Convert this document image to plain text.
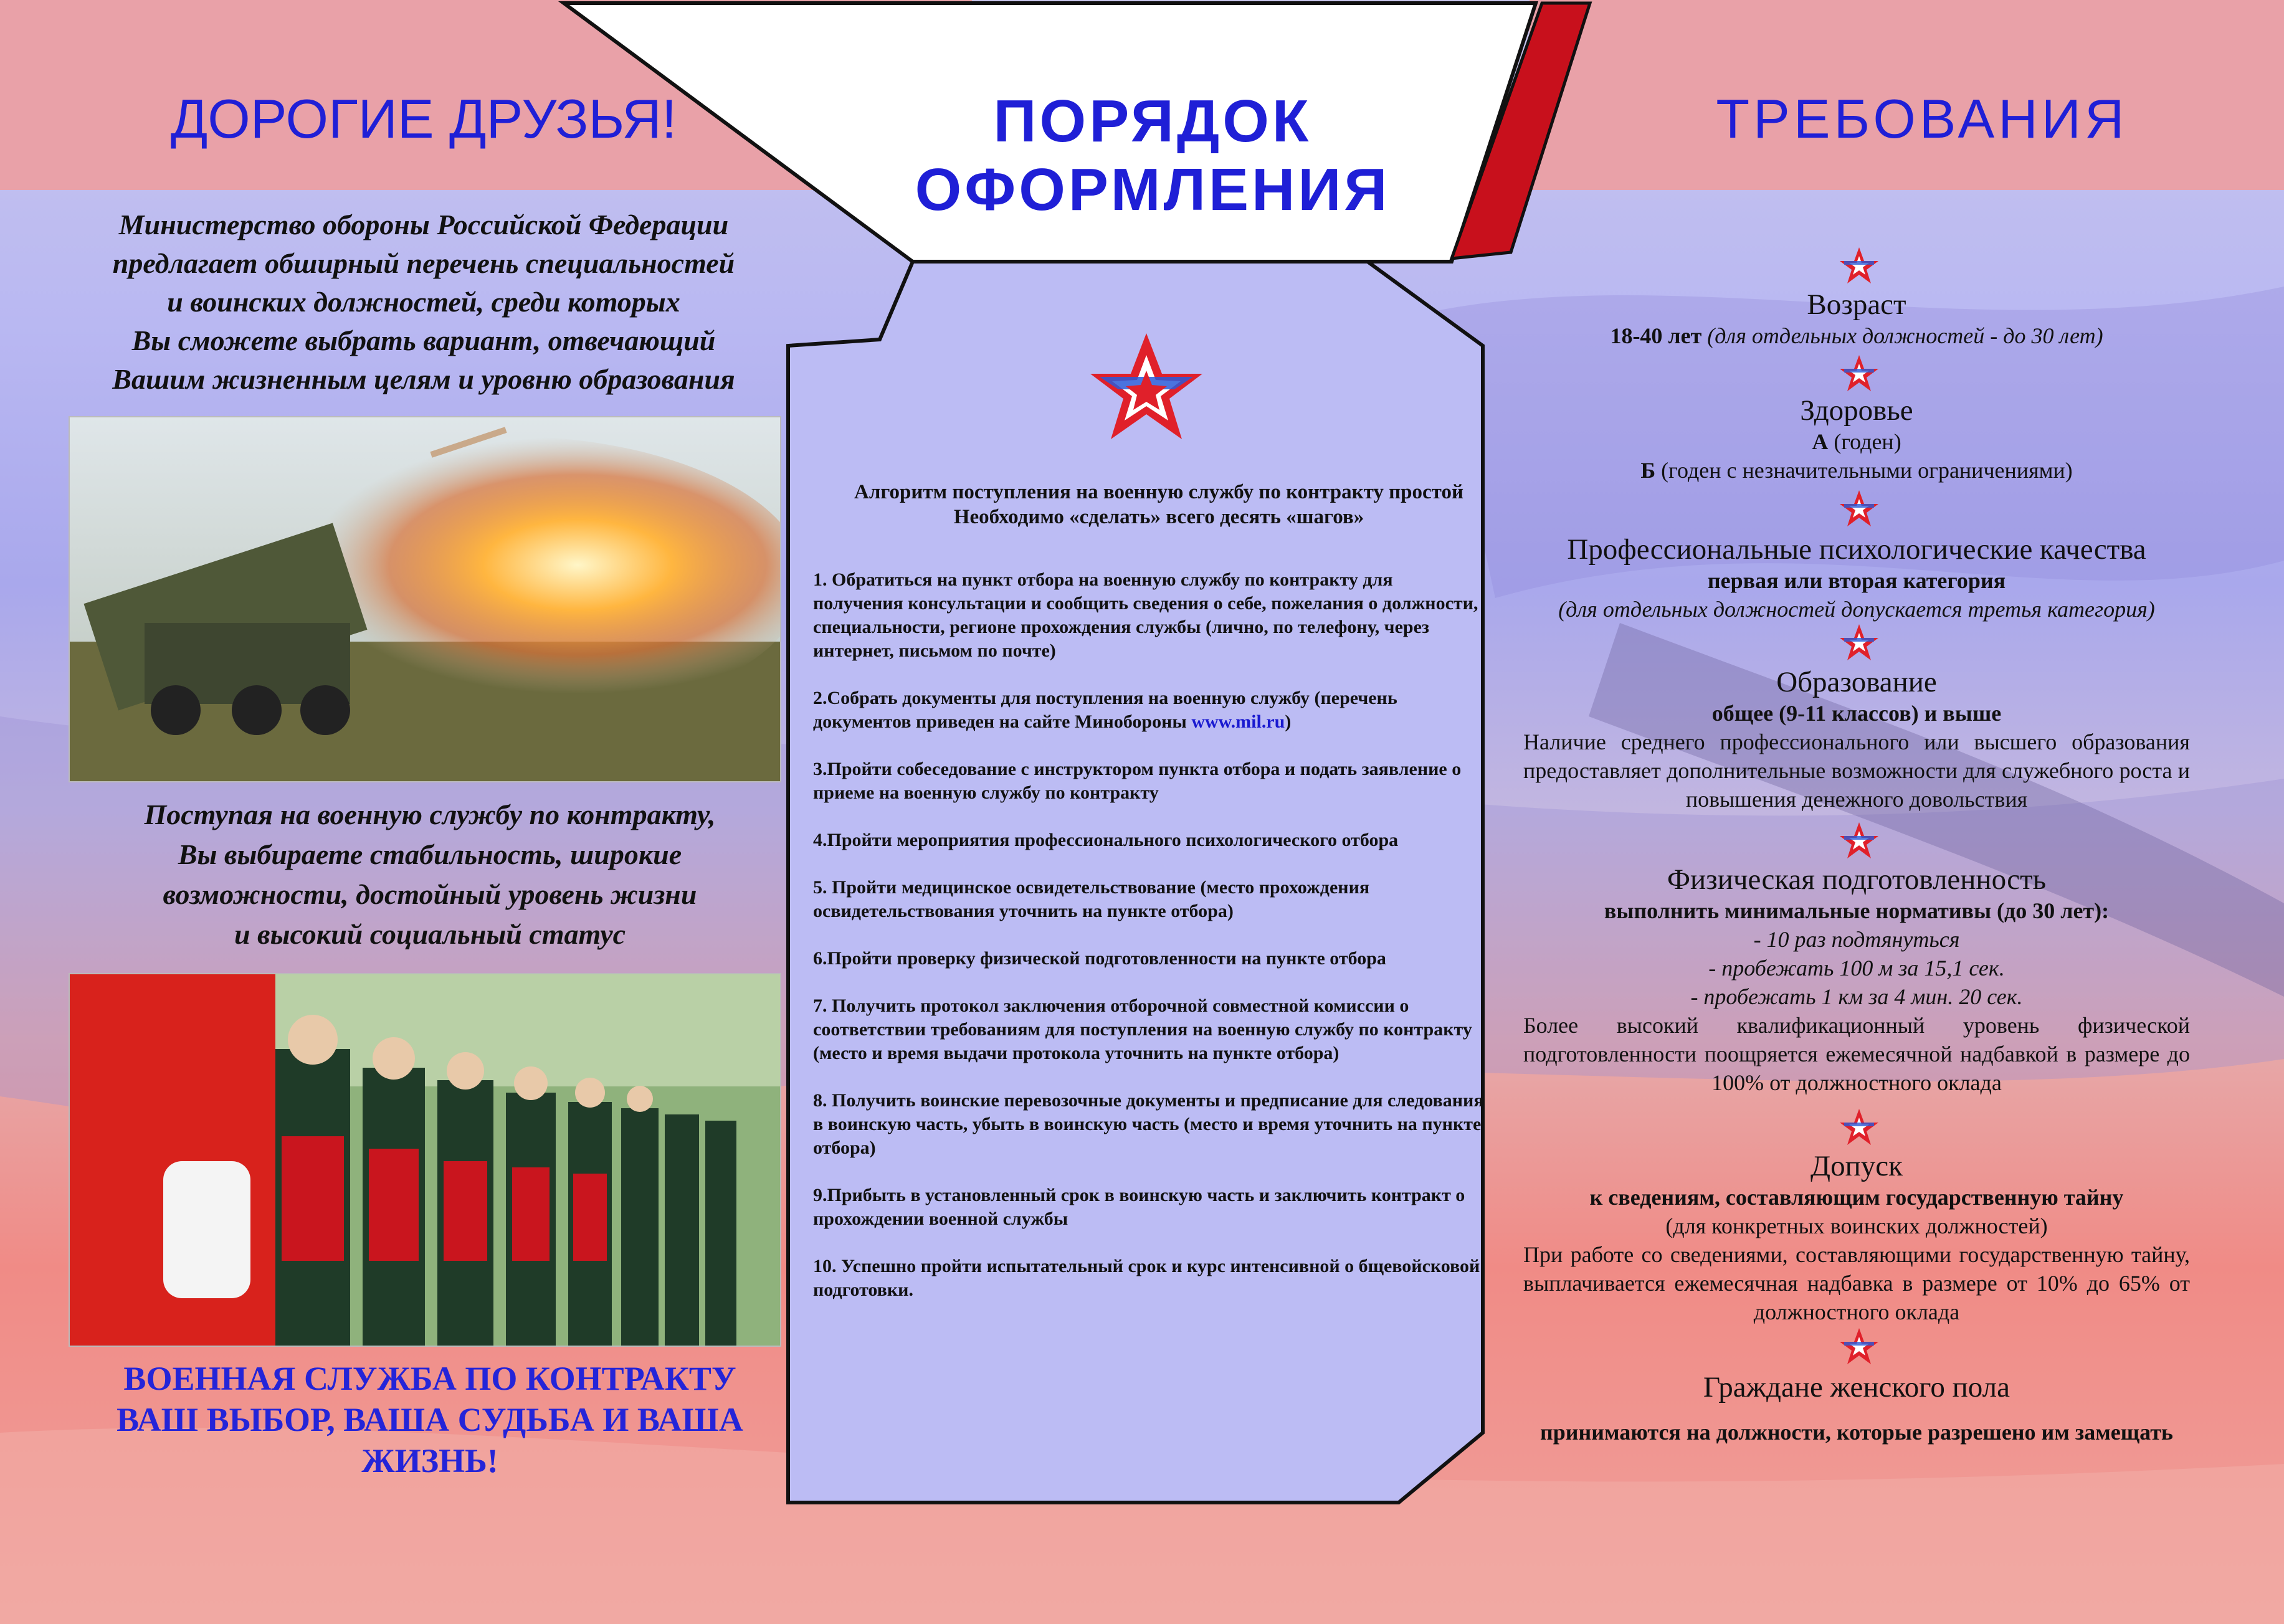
ДОРОГИЕ ДРУЗЬЯ!	ТРЕБОВАНИЯ
ПОРЯДОК
ОФОРМЛЕНИЯ
Министерство обороны Российской Федерации
предлагает обширный перечень специальностей
и воинских должностей, среди которых
Вы сможете выбрать вариант, отвечающий
Вашим жизненным целям и уровню образования
Поступая на военную службу по контракту,
Вы выбираете стабильность, широкие
возможности, достойный уровень жизни
и высокий социальный статус
ВОЕННАЯ СЛУЖБА ПО КОНТРАКТУ
ВАШ ВЫБОР, ВАША СУДЬБА И ВАША
ЖИЗНЬ!
Алгоритм поступления на военную службу по контракту простой
Необходимо «сделать» всего десять «шагов»
1. Обратиться на пункт отбора на военную службу по контракту для получения консультации и сообщить сведения о себе, пожелания о должности, специальности, регионе прохождения службы (лично, по телефону, через интернет, письмом по почте)
2.Собрать документы для поступления на военную службу (перечень документов приведен на сайте Минобороны www.mil.ru)
3.Пройти собеседование с инструктором пункта отбора и подать заявление о приеме на военную службу по контракту
4.Пройти мероприятия профессионального психологического отбора
5. Пройти медицинское освидетельствование (место прохождения освидетельствования уточнить на пункте отбора)
6.Пройти проверку физической подготовленности на пункте отбора
7. Получить протокол заключения отборочной совместной комиссии о соответствии требованиям для поступления на военную службу по контракту (место и время выдачи протокола уточнить на пункте отбора)
8. Получить воинские перевозочные документы и предписание для следования в воинскую часть, убыть в воинскую часть (место и время уточнить на пункте отбора)
9.Прибыть в установленный срок в воинскую часть и заключить контракт о прохождении военной службы
10. Успешно пройти испытательный срок и курс интенсивной о бщевойсковой подготовки.
Возраст
18-40 лет (для отдельных должностей - до 30 лет)
Здоровье
А (годен)
Б (годен с незначительными ограничениями)
Профессиональные психологические качества
первая или вторая категория
(для отдельных должностей допускается третья категория)
Образование
общее (9-11 классов) и выше
Наличие среднего профессионального или высшего образования предоставляет дополнительные возможности для служебного роста и повышения денежного довольствия
Физическая подготовленность
выполнить минимальные нормативы (до 30 лет):
- 10 раз подтянуться
- пробежать 100 м за 15,1 сек.
- пробежать 1 км за 4 мин. 20 сек.
Более высокий квалификационный уровень физической подготовленности поощряется ежемесячной надбавкой в размере до 100% от должностного оклада
Допуск
к сведениям, составляющим государственную тайну
(для конкретных воинских должностей)
При работе со сведениями, составляющими государственную тайну, выплачивается ежемесячная надбавка в размере от 10% до 65% от должностного оклада
Граждане женского пола
принимаются на должности, которые разрешено им замещать
